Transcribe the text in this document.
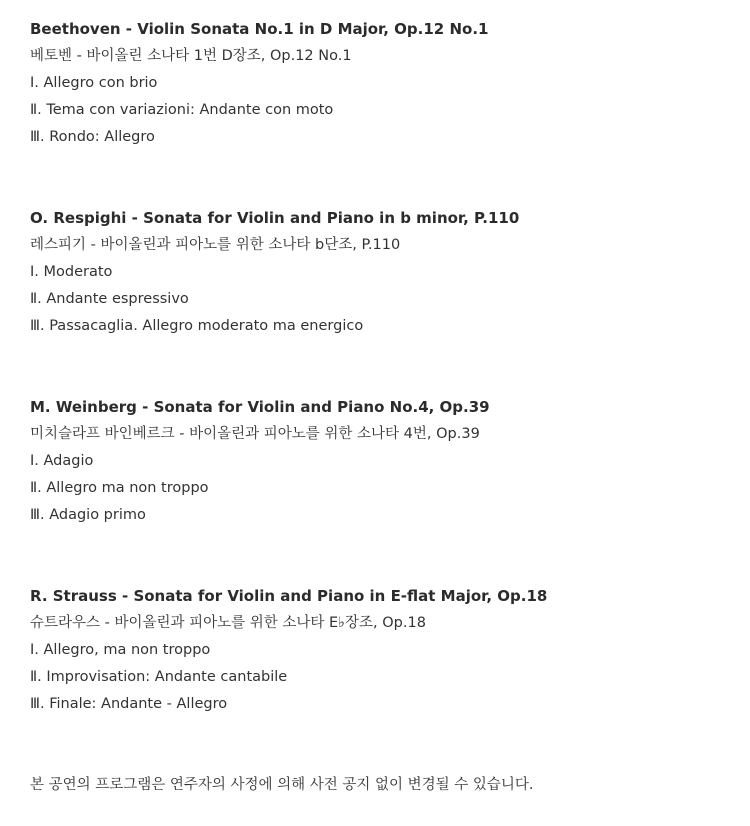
Beethoven - Violin Sonata No.1 in D Major, Op.12 No.1
베토벤 - 바이올린 소나타 1번 D장조, Op.12 No.1
Ⅰ. Allegro con brio
Ⅱ. Tema con variazioni: Andante con moto
Ⅲ. Rondo: Allegro
O. Respighi - Sonata for Violin and Piano in b minor, P.110
레스피기 - 바이올린과 피아노를 위한 소나타 b단조, P.110
Ⅰ. Moderato
Ⅱ. Andante espressivo
Ⅲ. Passacaglia. Allegro moderato ma energico
M. Weinberg - Sonata for Violin and Piano No.4, Op.39
미치슬라프 바인베르크 - 바이올린과 피아노를 위한 소나타 4번, Op.39
Ⅰ. Adagio
Ⅱ. Allegro ma non troppo
Ⅲ. Adagio primo
R. Strauss - Sonata for Violin and Piano in E-flat Major, Op.18
슈트라우스 - 바이올린과 피아노를 위한 소나타 E♭장조, Op.18
Ⅰ. Allegro, ma non troppo
Ⅱ. Improvisation: Andante cantabile
Ⅲ. Finale: Andante - Allegro
본 공연의 프로그램은 연주자의 사정에 의해 사전 공지 없이 변경될 수 있습니다.
